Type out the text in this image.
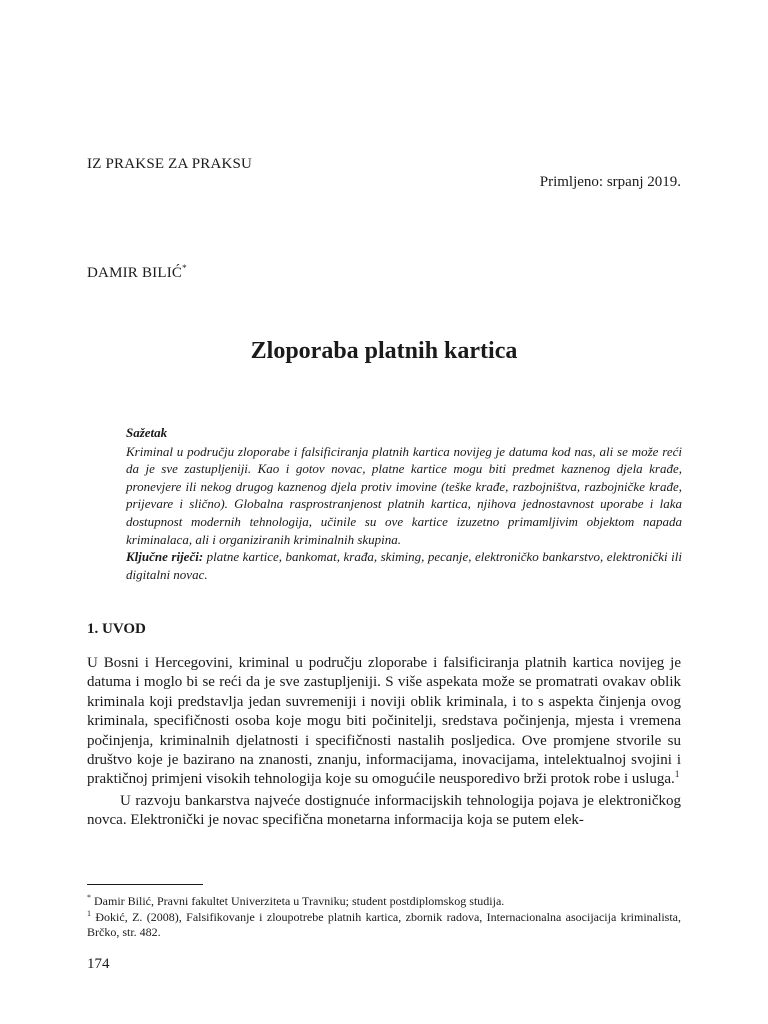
IZ PRAKSE ZA PRAKSU
Primljeno: srpanj 2019.
DAMIR BILIĆ*
Zloporaba platnih kartica
Sažetak

Kriminal u području zloporabe i falsificiranja platnih kartica novijeg je datuma kod nas, ali se može reći da je sve zastupljeniji. Kao i gotov novac, platne kartice mogu biti predmet kaznenog djela krađe, pronevjere ili nekog drugog kaznenog djela protiv imovine (teške krađe, razbojništva, razbojničke krađe, prijevare i slično). Globalna rasprostranjenost platnih kartica, njihova jednostavnost uporabe i laka dostupnost modernih tehnologija, učinile su ove kartice izuzetno primamljivim objektom napada kriminalaca, ali i organiziranih kriminalnih skupina.

Ključne riječi: platne kartice, bankomat, krađa, skiming, pecanje, elektroničko bankarstvo, elektronički ili digitalni novac.

1. UVOD

U Bosni i Hercegovini, kriminal u području zloporabe i falsificiranja platnih kartica novijeg je datuma i moglo bi se reći da je sve zastupljeniji. S više aspekata može se promatrati ovakav oblik kriminala koji predstavlja jedan suvremeniji i noviji oblik kriminala, i to s aspekta činjenja ovog kriminala, specifičnosti osoba koje mogu biti počinitelji, sredstava počinjenja, mjesta i vremena počinjenja, kriminalnih djelatnosti i specifičnosti nastalih posljedica. Ove promjene stvorile su društvo koje je bazirano na znanosti, znanju, informacijama, inovacijama, intelektualnoj svojini i praktičnoj primjeni visokih tehnologija koje su omogućile neusporedivo brži protok robe i usluga.$^1$

U razvoju bankarstva najveće dostignuće informacijskih tehnologija pojava je elektroničkog novca. Elektronički je novac specifična monetarna informacija koja se putem elek-

* Damir Bilić, Pravni fakultet Univerziteta u Travniku; student postdiplomskog studija.

$^1$ Đokić, Z. (2008), Falsifikovanje i zloupotrebe platnih kartica, zbornik radova, Internacionalna asocijacija kriminalista, Brčko, str. 482.

174
